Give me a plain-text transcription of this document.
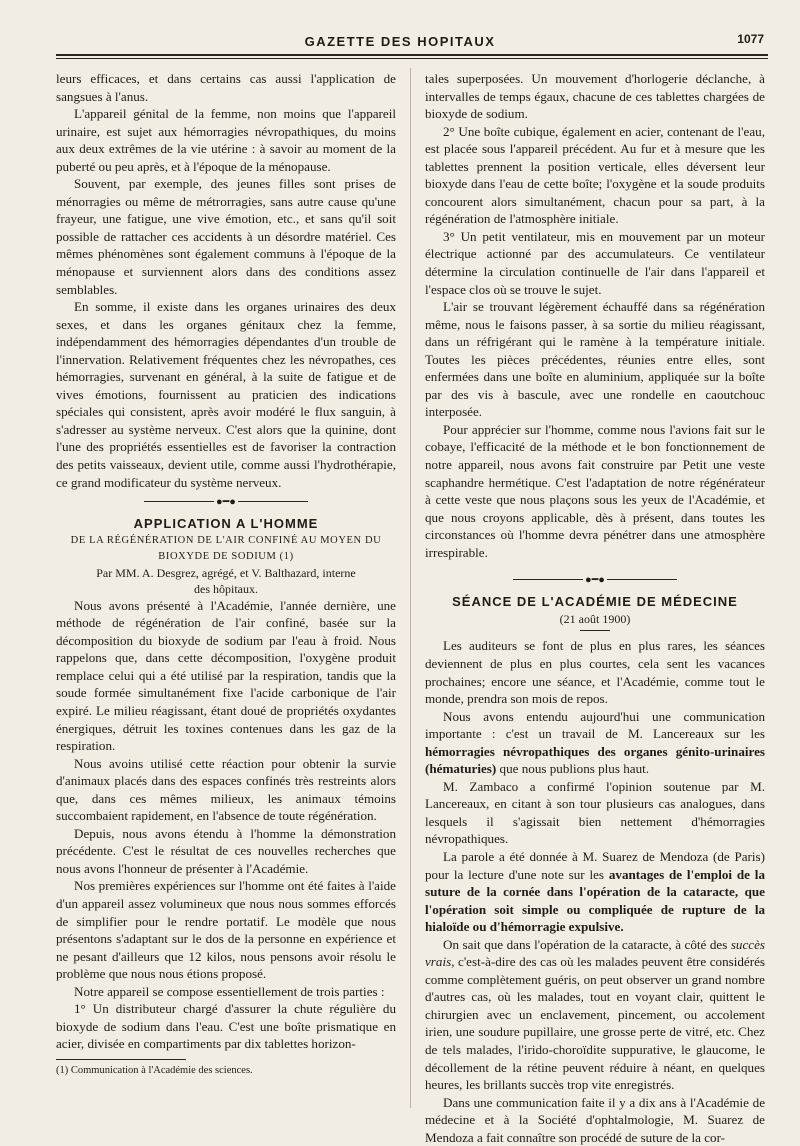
GAZETTE DES HOPITAUX	1077

leurs efficaces, et dans certains cas aussi l'application de sangsues à l'anus.

L'appareil génital de la femme, non moins que l'appareil urinaire, est sujet aux hémorragies névropathiques, du moins aux deux extrêmes de la vie utérine : à savoir au moment de la puberté ou peu après, et à l'époque de la ménopause.

Souvent, par exemple, des jeunes filles sont prises de ménorragies ou même de métrorragies, sans autre cause qu'une frayeur, une fatigue, une vive émotion, etc., et sans qu'il soit possible de rattacher ces accidents à un désordre matériel. Ces mêmes phénomènes sont également communs à l'époque de la ménopause et surviennent alors dans des conditions assez semblables.

En somme, il existe dans les organes urinaires des deux sexes, et dans les organes génitaux chez la femme, indépendamment des hémorragies dépendantes d'un trouble de l'innervation. Relativement fréquentes chez les névropathes, ces hémorragies, survenant en général, à la suite de fatigue et de vives émotions, fournissent au praticien des indications spéciales qui consistent, après avoir modéré le flux sanguin, à s'adresser au système nerveux. C'est alors que la quinine, dont l'une des propriétés essentielles est de favoriser la contraction des petits vaisseaux, devient utile, comme aussi l'hydrothérapie, ce grand modificateur du système nerveux.

●━●
APPLICATION A L'HOMME
DE LA RÉGÉNÉRATION DE L'AIR CONFINÉ AU MOYEN DU BIOXYDE DE SODIUM (1)
Par MM. A. Desgrez, agrégé, et V. Balthazard, interne
des hôpitaux.

Nous avons présenté à l'Académie, l'année dernière, une méthode de régénération de l'air confiné, basée sur la décomposition du bioxyde de sodium par l'eau à froid. Nous rappelons que, dans cette décomposition, l'oxygène produit remplace celui qui a été utilisé par la respiration, tandis que la soude formée simultanément fixe l'acide carbonique de l'air expiré. Le milieu réagissant, étant doué de propriétés oxydantes énergiques, détruit les toxines contenues dans les gaz de la respiration.

Nous avoins utilisé cette réaction pour obtenir la survie d'animaux placés dans des espaces confinés très restreints alors que, dans ces mêmes milieux, les animaux témoins succombaient rapidement, en l'absence de toute régénération.

Depuis, nous avons étendu à l'homme la démonstration précédente. C'est le résultat de ces nouvelles recherches que nous avons l'honneur de présenter à l'Académie.

Nos premières expériences sur l'homme ont été faites à l'aide d'un appareil assez volumineux que nous nous sommes efforcés de simplifier pour le rendre portatif. Le modèle que nous présentons s'adaptant sur le dos de la personne en expérience et ne pesant d'ailleurs que 12 kilos, nous pensons avoir résolu le problème que nous nous étions proposé.

Notre appareil se compose essentiellement de trois parties :

1° Un distributeur chargé d'assurer la chute régulière du bioxyde de sodium dans l'eau. C'est une boîte prismatique en acier, divisée en compartiments par dix tablettes horizon-

(1) Communication à l'Académie des sciences.

tales superposées. Un mouvement d'horlogerie déclanche, à intervalles de temps égaux, chacune de ces tablettes chargées de bioxyde de sodium.

2° Une boîte cubique, également en acier, contenant de l'eau, est placée sous l'appareil précédent. Au fur et à mesure que les tablettes prennent la position verticale, elles déversent leur bioxyde dans l'eau de cette boîte; l'oxygène et la soude produits concourent alors simultanément, chacun pour sa part, à la régénération de l'atmosphère initiale.

3° Un petit ventilateur, mis en mouvement par un moteur électrique actionné par des accumulateurs. Ce ventilateur détermine la circulation continuelle de l'air dans l'appareil et l'espace clos où se trouve le sujet.

L'air se trouvant légèrement échauffé dans sa régénération même, nous le faisons passer, à sa sortie du milieu réagissant, dans un réfrigérant qui le ramène à la température initiale. Toutes les pièces précédentes, réunies entre elles, sont enfermées dans une boîte en aluminium, appliquée sur la boîte par des vis à bascule, avec une rondelle en caoutchouc interposée.

Pour apprécier sur l'homme, comme nous l'avions fait sur le cobaye, l'efficacité de la méthode et le bon fonctionnement de notre appareil, nous avons fait construire par Petit une veste scaphandre hermétique. C'est l'adaptation de notre régénérateur à cette veste que nous plaçons sous les yeux de l'Académie, et que nous croyons applicable, dès à présent, dans toutes les circonstances où l'homme devra pénétrer dans une atmosphère irrespirable.

●━●
SÉANCE DE L'ACADÉMIE DE MÉDECINE
(21 août 1900)

Les auditeurs se font de plus en plus rares, les séances deviennent de plus en plus courtes, cela sent les vacances prochaines; encore une séance, et l'Académie, comme tout le monde, prendra son mois de repos.

Nous avons entendu aujourd'hui une communication importante : c'est un travail de M. Lancereaux sur les hémorragies névropathiques des organes génito-urinaires (hématuries) que nous publions plus haut.

M. Zambaco a confirmé l'opinion soutenue par M. Lancereaux, en citant à son tour plusieurs cas analogues, dans lesquels il s'agissait bien nettement d'hémorragies névropathiques.

La parole a été donnée à M. Suarez de Mendoza (de Paris) pour la lecture d'une note sur les avantages de l'emploi de la suture de la cornée dans l'opération de la cataracte, que l'opération soit simple ou compliquée de rupture de la hialoïde ou d'hémorragie expulsive.

On sait que dans l'opération de la cataracte, à côté des succès vrais, c'est-à-dire des cas où les malades peuvent être considérés comme complètement guéris, on peut observer un grand nombre d'autres cas, où les malades, tout en voyant clair, quittent le chirurgien avec un enclavement, pincement, ou accolement irien, une soudure pupillaire, une grosse perte de vitré, etc. Chez de tels malades, l'irido-choroïdite suppurative, le glaucome, le décollement de la rétine peuvent réduire à néant, en quelques heures, les brillants succès trop vite enregistrés.

Dans une communication faite il y a dix ans à l'Académie de médecine et à la Société d'ophtalmologie, M. Suarez de Mendoza a fait connaître son procédé de suture de la cor-
